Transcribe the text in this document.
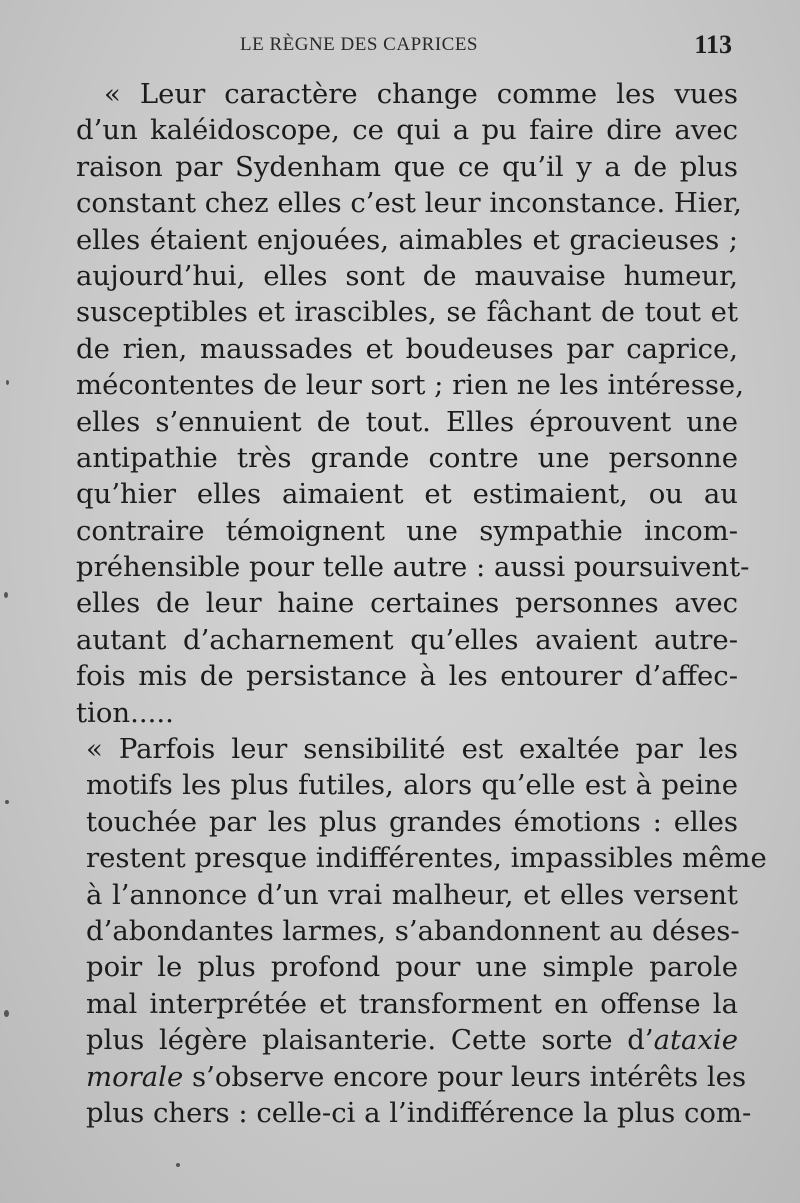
LE RÈGNE DES CAPRICES	113
« Leur caractère change comme les vues
d’un kaléidoscope, ce qui a pu faire dire avec
raison par Sydenham que ce qu’il y a de plus
constant chez elles c’est leur inconstance. Hier,
elles étaient enjouées, aimables et gracieuses ;
aujourd’hui, elles sont de mauvaise humeur,
susceptibles et irascibles, se fâchant de tout et
de rien, maussades et boudeuses par caprice,
mécontentes de leur sort ; rien ne les intéresse,
elles s’ennuient de tout. Elles éprouvent une
antipathie très grande contre une personne
qu’hier elles aimaient et estimaient, ou au
contraire témoignent une sympathie incom-
préhensible pour telle autre : aussi poursuivent-
elles de leur haine certaines personnes avec
autant d’acharnement qu’elles avaient autre-
fois mis de persistance à les entourer d’affec-
tion.....
« Parfois leur sensibilité est exaltée par les
motifs les plus futiles, alors qu’elle est à peine
touchée par les plus grandes émotions : elles
restent presque indifférentes, impassibles même
à l’annonce d’un vrai malheur, et elles versent
d’abondantes larmes, s’abandonnent au déses-
poir le plus profond pour une simple parole
mal interprétée et transforment en offense la
plus légère plaisanterie. Cette sorte d’ataxie
morale s’observe encore pour leurs intérêts les
plus chers : celle-ci a l’indifférence la plus com-
